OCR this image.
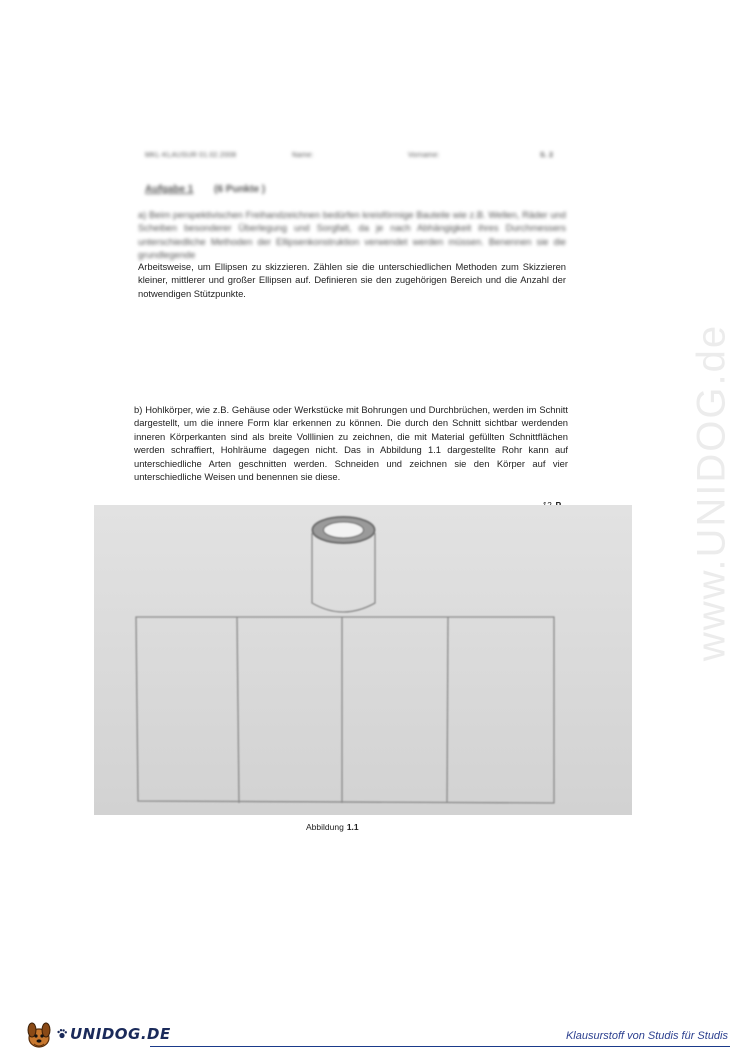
www.UNIDOG.de
MKL-KLAUSUR 01.02.2008	Name:	Vorname:	S. 2
Aufgabe 1 (6 Punkte )
a) Beim perspektivischen Freihandzeichnen bedürfen kreisförmige Bauteile wie z.B. Wellen, Räder und Scheiben besonderer Überlegung und Sorgfalt, da je nach Abhängigkeit ihres Durchmessers unterschiedliche Methoden der Ellipsenkonstruktion verwendet werden müssen. Benennen sie die grundlegende
Arbeitsweise, um Ellipsen zu skizzieren. Zählen sie die unterschiedlichen Methoden zum Skizzieren kleiner, mittlerer und großer Ellipsen auf. Definieren sie den zugehörigen Bereich und die Anzahl der notwendigen Stützpunkte.
b) Hohlkörper, wie z.B. Gehäuse oder Werkstücke mit Bohrungen und Durchbrüchen, werden im Schnitt dargestellt, um die innere Form klar erkennen zu können. Die durch den Schnitt sichtbar werdenden inneren Körperkanten sind als breite Volllinien zu zeichnen, die mit Material gefüllten Schnittflächen werden schraffiert, Hohlräume dagegen nicht. Das in Abbildung 1.1 dargestellte Rohr kann auf unterschiedliche Arten geschnitten werden. Schneiden und zeichnen sie den Körper auf vier unterschiedliche Weisen und benennen sie diese.
Abbildung 1.1
UNIDOG.DE	Klausurstoff von Studis für Studis
